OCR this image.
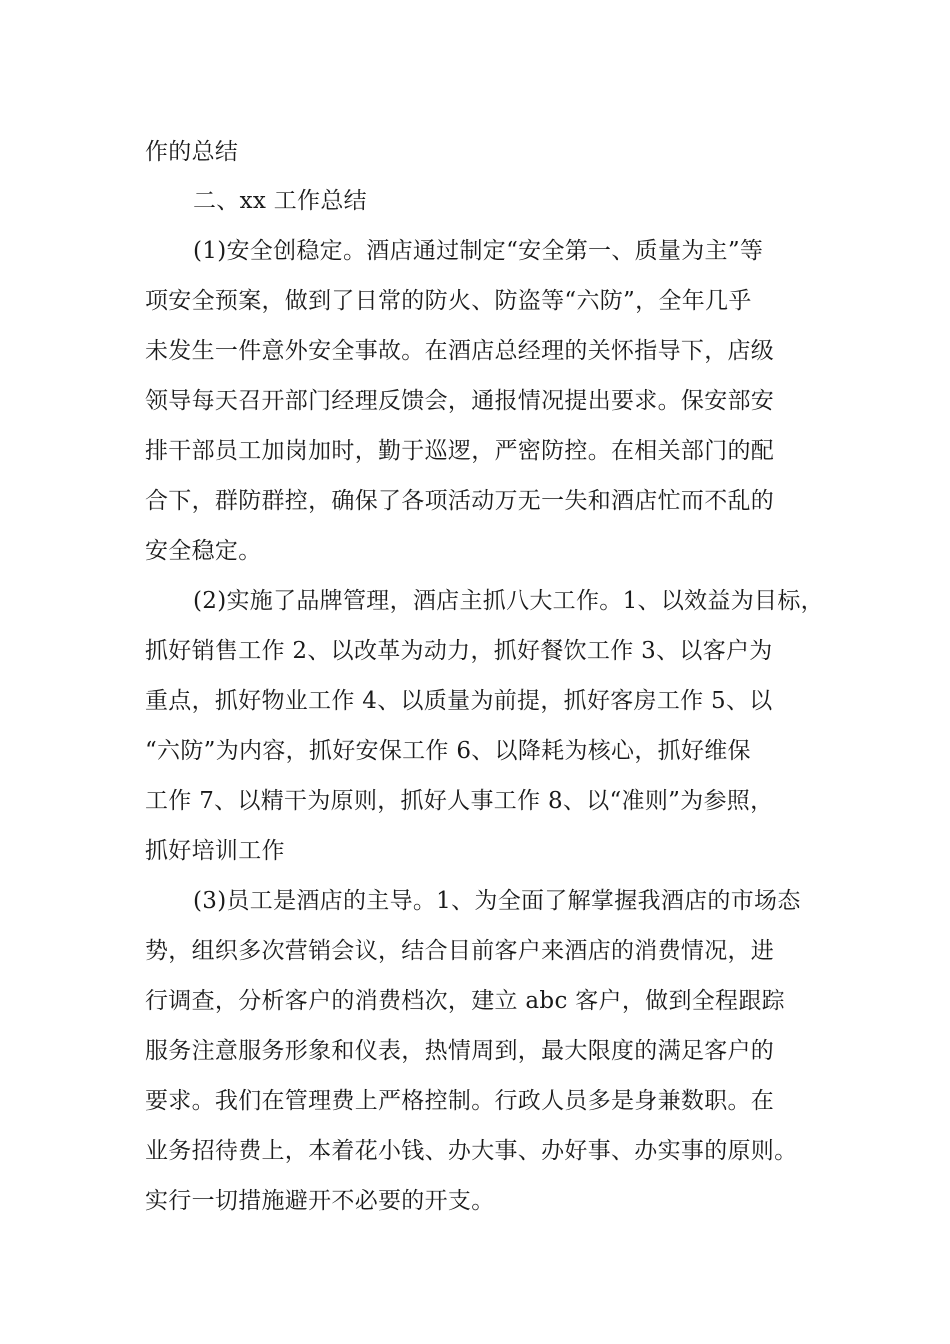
作的总结
二、xx 工作总结
(1)安全创稳定。酒店通过制定“安全第一、质量为主”等
项安全预案，做到了日常的防火、防盗等“六防”，全年几乎
未发生一件意外安全事故。在酒店总经理的关怀指导下，店级
领导每天召开部门经理反馈会，通报情况提出要求。保安部安
排干部员工加岗加时，勤于巡逻，严密防控。在相关部门的配
合下，群防群控，确保了各项活动万无一失和酒店忙而不乱的
安全稳定。
(2)实施了品牌管理，酒店主抓八大工作。1、以效益为目标，
抓好销售工作 2、以改革为动力，抓好餐饮工作 3、以客户为
重点，抓好物业工作 4、以质量为前提，抓好客房工作 5、以
“六防”为内容，抓好安保工作 6、以降耗为核心，抓好维保
工作 7、以精干为原则，抓好人事工作 8、以“准则”为参照，
抓好培训工作
(3)员工是酒店的主导。1、为全面了解掌握我酒店的市场态
势，组织多次营销会议，结合目前客户来酒店的消费情况，进
行调查，分析客户的消费档次，建立 abc 客户，做到全程跟踪
服务注意服务形象和仪表，热情周到，最大限度的满足客户的
要求。我们在管理费上严格控制。行政人员多是身兼数职。在
业务招待费上，本着花小钱、办大事、办好事、办实事的原则。
实行一切措施避开不必要的开支。
